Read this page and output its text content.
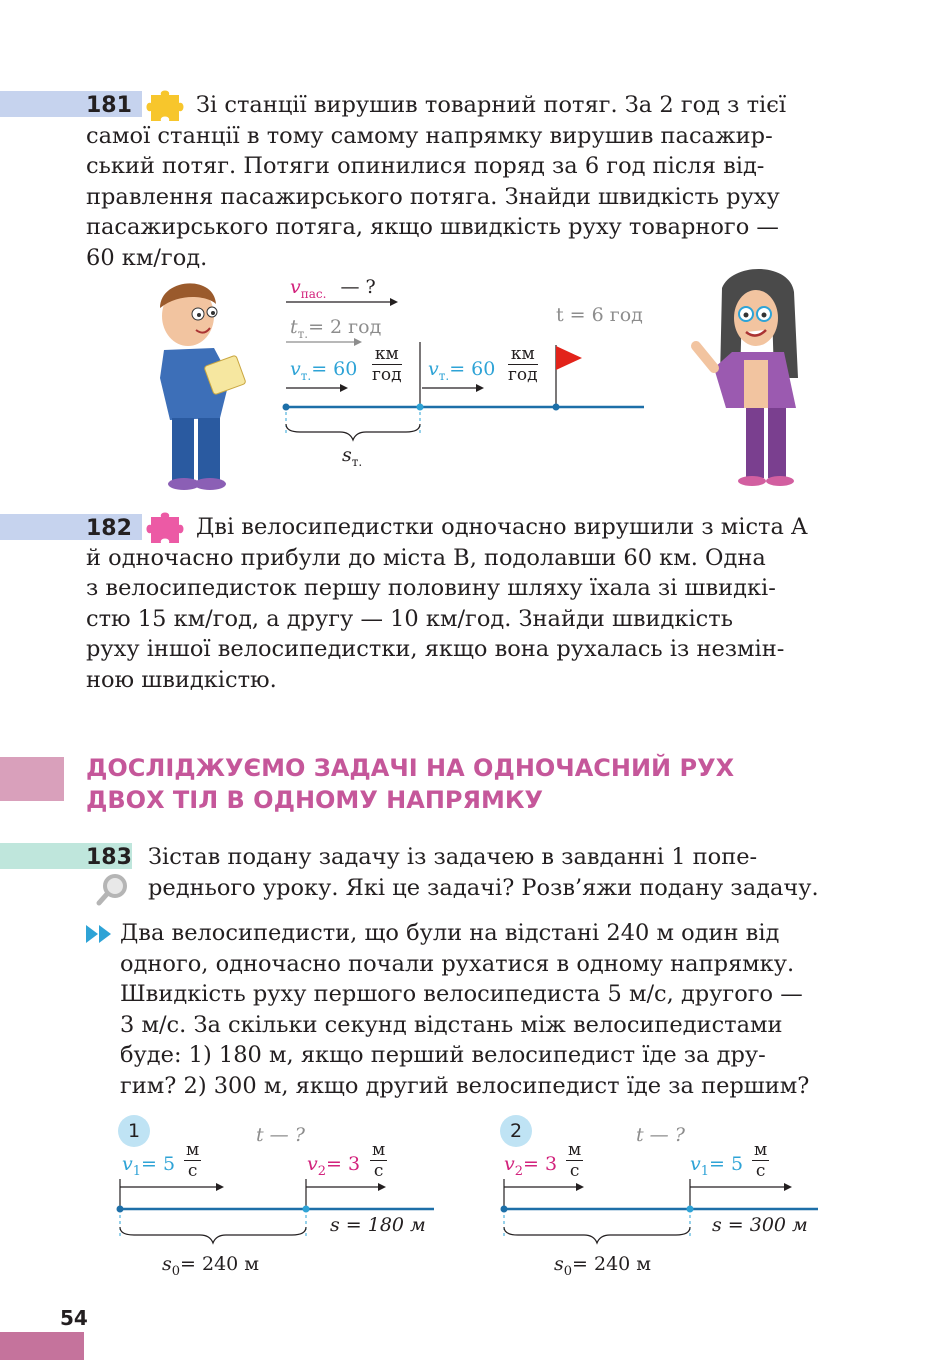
181	Зі станції вирушив товарний потяг. За 2 год з тієї
самої станції в тому самому напрямку вирушив пасажир-
ський потяг. Потяги опинилися поряд за 6 год після від-
правлення пасажирського потяга. Знайди швидкість руху
пасажирського потяга, якщо швидкість руху товарного —
60 км/год.
$v_{пас.}$ — ?
$t_{т.}= 2$ год
t = 6 год
$v_{т.}= 60$
км
год $v_{т.}= 60$
км
год
$s_{т.}$
182	Дві велосипедистки одночасно вирушили з міста A
й одночасно прибули до міста B, подолавши 60 км. Одна
з велосипедисток першу половину шляху їхала зі швидкі-
стю 15 км/год, а другу — 10 км/год. Знайди швидкість
руху іншої велосипедистки, якщо вона рухалась із незмін-
ною швидкістю.
ДОСЛІДЖУЄМО ЗАДАЧІ НА ОДНОЧАСНИЙ РУХ
ДВОХ ТІЛ В ОДНОМУ НАПРЯМКУ
183 Зістав подану задачу із задачею в завданні 1 попе-
реднього уроку. Які це задачі? Розв’яжи подану задачу.
Два велосипедисти, що були на відстані 240 м один від
одного, одночасно почали рухатися в одному напрямку.
Швидкість руху першого велосипедиста 5 м/с, другого —
3 м/с. За скільки секунд відстань між велосипедистами
буде: 1) 180 м, якщо перший велосипедист їде за дру-
гим? 2) 300 м, якщо другий велосипедист їде за першим?
1	t — ?
$v_1= 5$
м
с	$v_2= 3$
м
с
s = 180 м
$s_0= 240$ м
2	t — ?
$v_2= 3$
м
с	$v_1= 5$
м
с
s = 300 м
$s_0= 240$ м
54
